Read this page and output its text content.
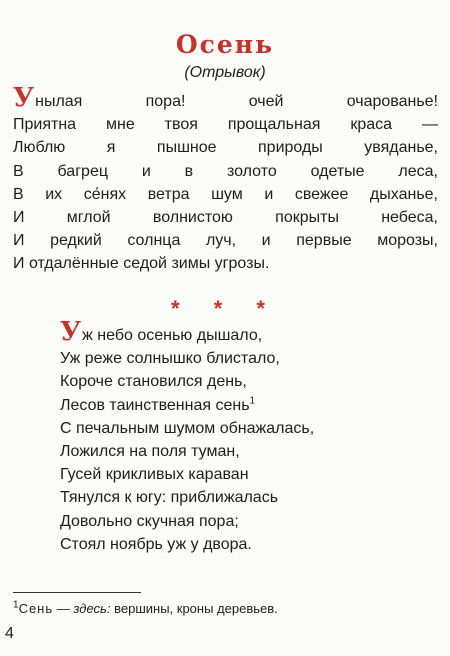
Осень
(Отрывок)
Унылая пора! очей очарованье!
Приятна мне твоя прощальная краса —
Люблю я пышное природы увяданье,
В багрец и в золото одетые леса,
В их се́нях ветра шум и свежее дыханье,
И мглой волнистою покрыты небеса,
И редкий солнца луч, и первые морозы,
И отдалённые седой зимы угрозы.
* * *
Уж небо осенью дышало,
Уж реже солнышко блистало,
Короче становился день,
Лесов таинственная сень$^1$
С печальным шумом обнажалась,
Ложился на поля туман,
Гусей крикливых караван
Тянулся к югу: приближалась
Довольно скучная пора;
Стоял ноябрь уж у двора.
$^1$Сень — здесь: вершины, кроны деревьев.
4
